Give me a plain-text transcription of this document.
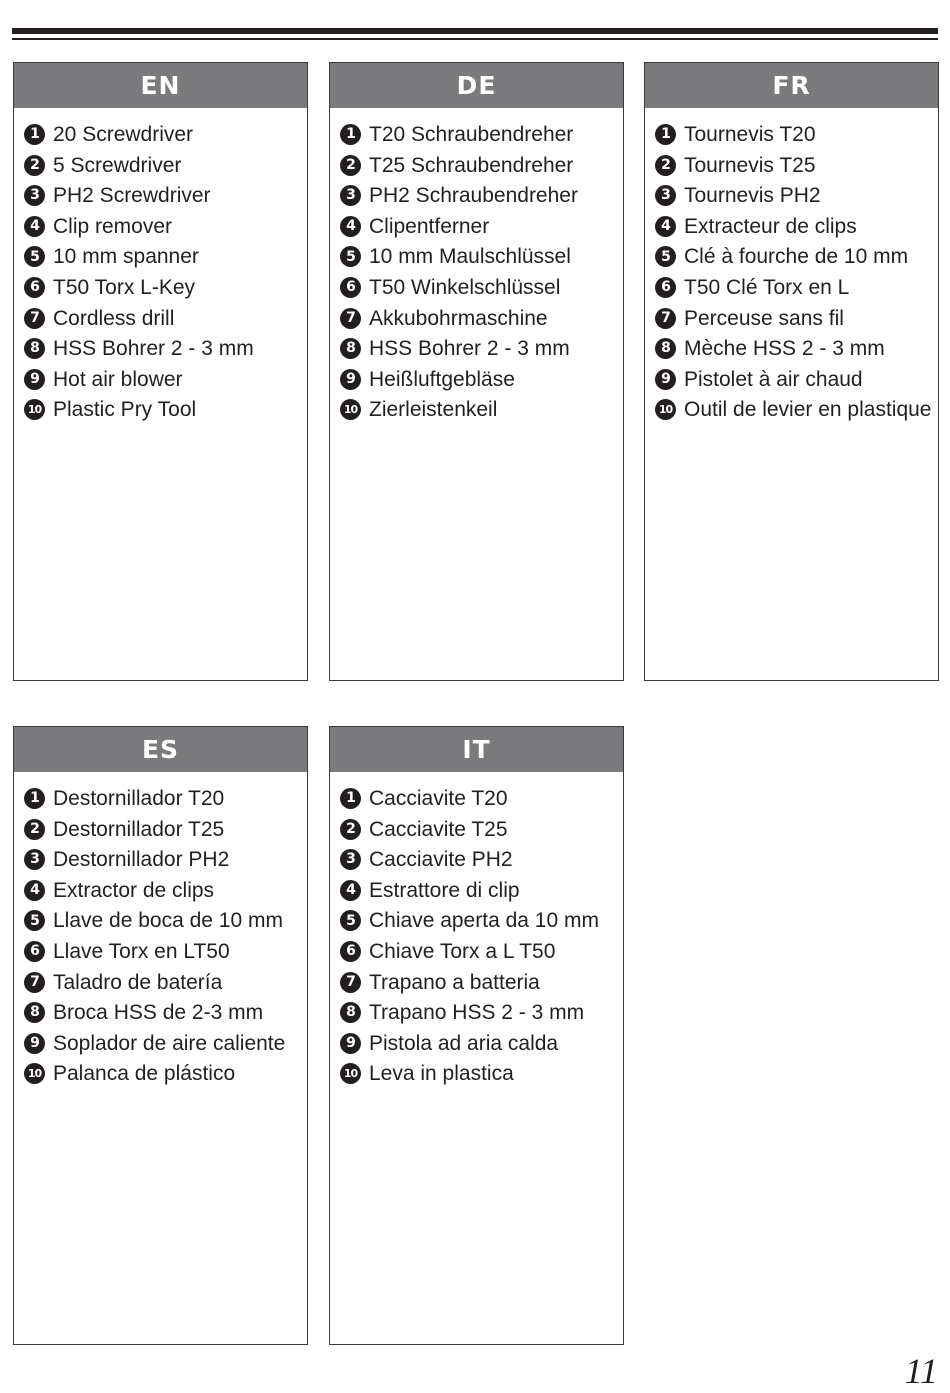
EN
1 20 Screwdriver
2 5 Screwdriver
3 PH2 Screwdriver
4 Clip remover
5 10 mm spanner
6 T50 Torx L-Key
7 Cordless drill
8 HSS Bohrer 2 - 3 mm
9 Hot air blower
10 Plastic Pry Tool
DE
1 T20 Schraubendreher
2 T25 Schraubendreher
3 PH2 Schraubendreher
4 Clipentferner
5 10 mm Maulschlüssel
6 T50 Winkelschlüssel
7 Akkubohrmaschine
8 HSS Bohrer 2 - 3 mm
9 Heißluftgebläse
10 Zierleistenkeil
FR
1 Tournevis T20
2 Tournevis T25
3 Tournevis PH2
4 Extracteur de clips
5 Clé à fourche de 10 mm
6 T50 Clé Torx en L
7 Perceuse sans fil
8 Mèche HSS 2 - 3 mm
9 Pistolet à air chaud
10 Outil de levier en plastique
ES
1 Destornillador T20
2 Destornillador T25
3 Destornillador PH2
4 Extractor de clips
5 Llave de boca de 10 mm
6 Llave Torx en LT50
7 Taladro de batería
8 Broca HSS de 2-3 mm
9 Soplador de aire caliente
10 Palanca de plástico
IT
1 Cacciavite T20
2 Cacciavite T25
3 Cacciavite PH2
4 Estrattore di clip
5 Chiave aperta da 10 mm
6 Chiave Torx a L T50
7 Trapano a batteria
8 Trapano HSS 2 - 3 mm
9 Pistola ad aria calda
10 Leva in plastica
11
